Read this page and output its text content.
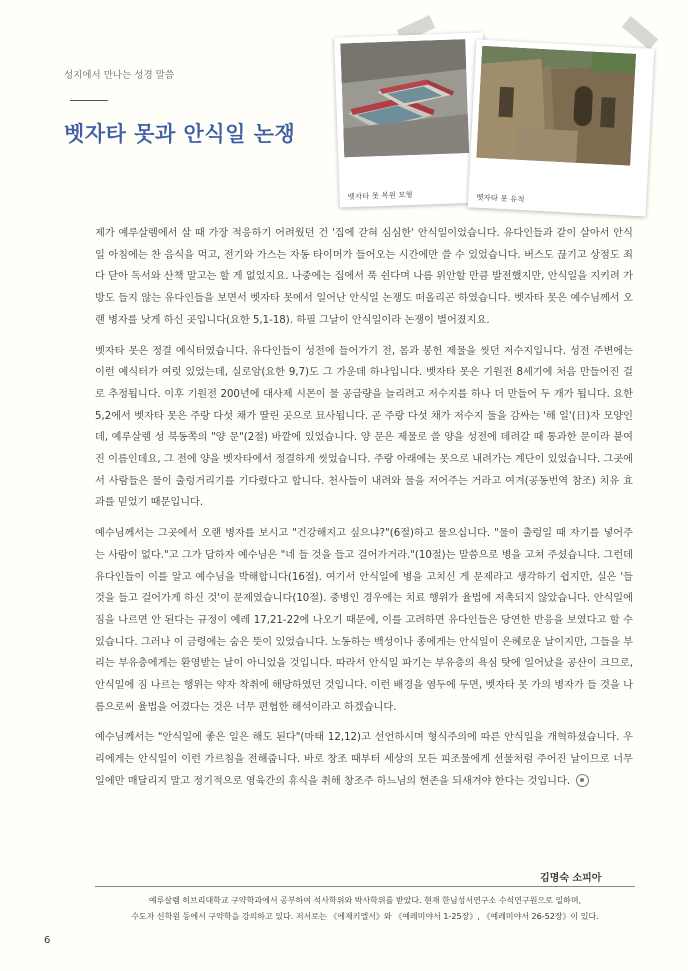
성지에서 만나는 성경 말씀
벳자타 못과 안식일 논쟁
벳자타 못 복원 모형	벳자타 못 유적

제가 예루살렘에서 살 때 가장 적응하기 어려웠던 건 '집에 갇혀 심심한' 안식일이었습니다. 유다인들과 같이 살아서 안식일 아침에는 찬 음식을 먹고, 전기와 가스는 자동 타이머가 들어오는 시간에만 쓸 수 있었습니다. 버스도 끊기고 상점도 죄다 닫아 독서와 산책 말고는 할 게 없었지요. 나중에는 집에서 푹 쉰다며 나름 위안할 만큼 발전했지만, 안식일을 지키려 가방도 들지 않는 유다인들을 보면서 벳자타 못에서 일어난 안식일 논쟁도 떠올리곤 하였습니다. 벳자타 못은 예수님께서 오랜 병자를 낫게 하신 곳입니다(요한 5,1-18). 하필 그날이 안식일이라 논쟁이 벌어졌지요.

벳자타 못은 정결 예식터였습니다. 유다인들이 성전에 들어가기 전, 몸과 봉헌 제물을 씻던 저수지입니다. 성전 주변에는 이런 예식터가 여럿 있었는데, 실로암(요한 9,7)도 그 가운데 하나입니다. 벳자타 못은 기원전 8세기에 처음 만들어진 걸로 추정됩니다. 이후 기원전 200년에 대사제 시몬이 물 공급량을 늘리려고 저수지를 하나 더 만들어 두 개가 됩니다. 요한 5,2에서 벳자타 못은 주랑 다섯 채가 딸린 곳으로 묘사됩니다. 곧 주랑 다섯 채가 저수지 둘을 감싸는 '해 일'(日)자 모양인데, 예루살렘 성 북동쪽의 "양 문"(2절) 바깥에 있었습니다. 양 문은 제물로 쓸 양을 성전에 데려갈 때 통과한 문이라 붙여진 이름인데요, 그 전에 양을 벳자타에서 정결하게 씻었습니다. 주랑 아래에는 못으로 내려가는 계단이 있었습니다. 그곳에서 사람들은 물이 출렁거리기를 기다렸다고 합니다. 천사들이 내려와 물을 저어주는 거라고 여겨(공동번역 참조) 치유 효과를 믿었기 때문입니다.

예수님께서는 그곳에서 오랜 병자를 보시고 "건강해지고 싶으냐?"(6절)하고 물으십니다. "물이 출렁일 때 자기를 넣어주는 사람이 없다."고 그가 답하자 예수님은 "네 들 것을 들고 걸어가거라."(10절)는 말씀으로 병을 고쳐 주셨습니다. 그런데 유다인들이 이를 알고 예수님을 박해합니다(16절). 여기서 안식일에 병을 고치신 게 문제라고 생각하기 쉽지만, 실은 '들 것을 들고 걸어가게 하신 것'이 문제였습니다(10절). 중병인 경우에는 치료 행위가 율법에 저촉되지 않았습니다. 안식일에 짐을 나르면 안 된다는 규정이 예레 17,21-22에 나오기 때문에, 이를 고려하면 유다인들은 당연한 반응을 보였다고 할 수 있습니다. 그러나 이 금령에는 숨은 뜻이 있었습니다. 노동하는 백성이나 종에게는 안식일이 은혜로운 날이지만, 그들을 부리는 부유층에게는 환영받는 날이 아니었을 것입니다. 따라서 안식일 파기는 부유층의 욕심 탓에 일어났을 공산이 크므로, 안식일에 짐 나르는 행위는 약자 착취에 해당하였던 것입니다. 이런 배경을 염두에 두면, 벳자타 못 가의 병자가 들 것을 나름으로써 율법을 어겼다는 것은 너무 편협한 해석이라고 하겠습니다.

예수님께서는 "안식일에 좋은 일은 해도 된다"(마태 12,12)고 선언하시며 형식주의에 따른 안식일을 개혁하셨습니다. 우리에게는 안식일이 이런 가르침을 전해줍니다. 바로 창조 때부터 세상의 모든 피조물에게 선물처럼 주어진 날이므로 너무 일에만 매달리지 말고 정기적으로 영육간의 휴식을 취해 창조주 하느님의 현존을 되새겨야 한다는 것입니다.

김명숙 소피아
예루살렘 히브리대학교 구약학과에서 공부하여 석사학위와 박사학위를 받았다. 현재 한님성서연구소 수석연구원으로 일하며,
수도자 신학원 등에서 구약학을 강의하고 있다. 저서로는 《에제키엘서》와 《예레미야서 1-25장》, 《예레미야서 26-52장》이 있다.
6
